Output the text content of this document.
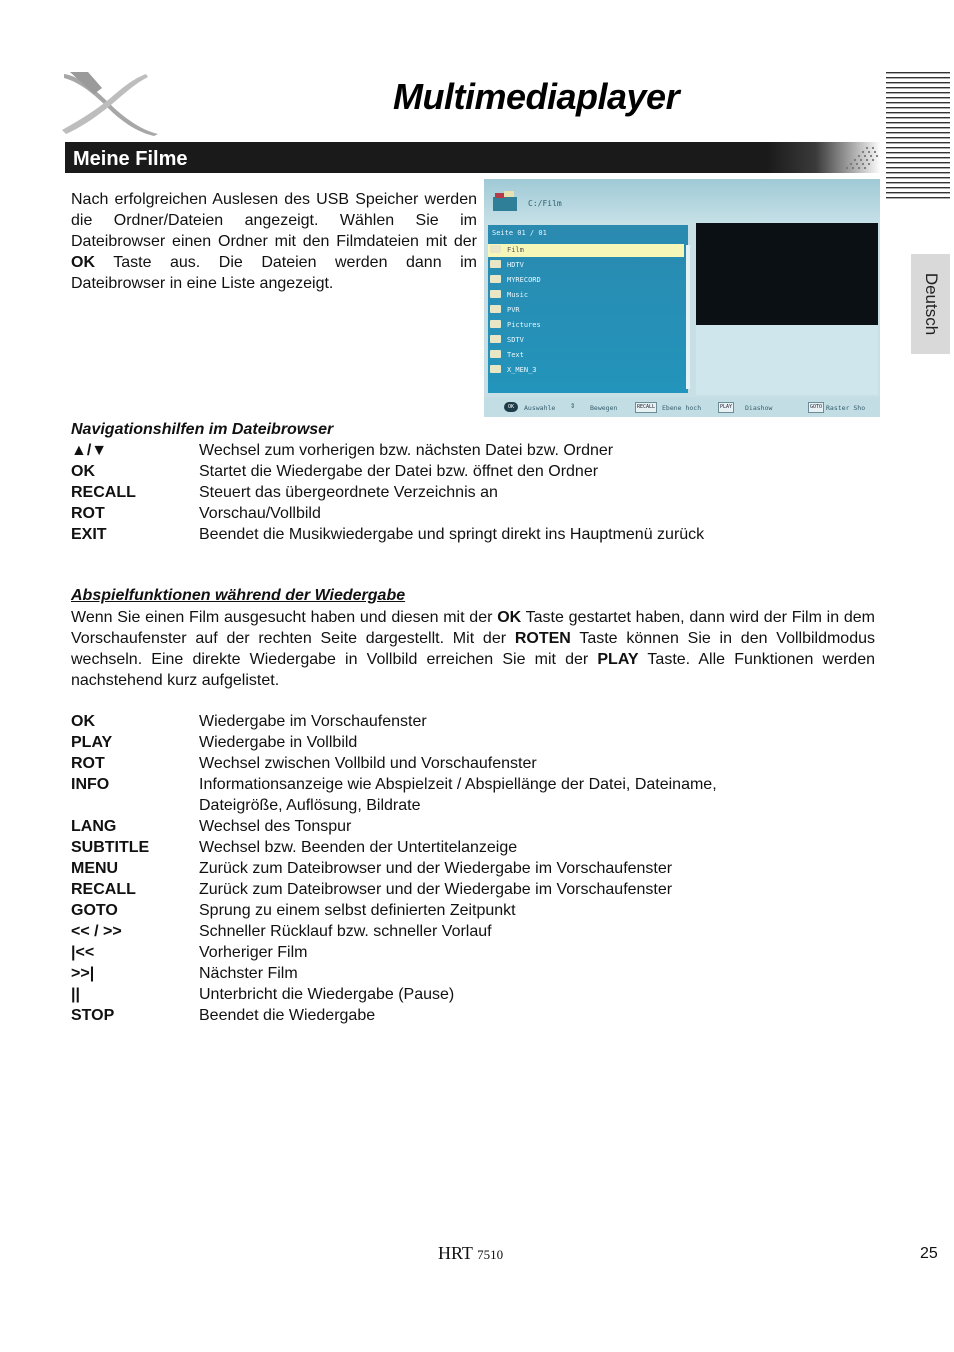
Multimediaplayer
Deutsch
Meine Filme
Nach erfolgreichen Auslesen des USB Speicher werden die Ordner/Dateien angezeigt. Wählen Sie im Dateibrowser einen Ordner mit den Filmdateien mit der OK Taste aus. Die Dateien werden dann im Dateibrowser in eine Liste angezeigt.
C:/Film
Seite 01 / 01
Film
HDTV
MYRECORD
Music
PVR
Pictures
SDTV
Text
X_MEN_3
OK	Auswahle ⇕ Bewegen	RECALL	Ebene hoch	PLAY	Diashow	GOTO Raster Sho
Navigationshilfen im Dateibrowser
▲/▼	Wechsel zum vorherigen bzw. nächsten Datei bzw. Ordner
OK	Startet die Wiedergabe der Datei bzw. öffnet den Ordner
RECALL	Steuert das übergeordnete Verzeichnis an
ROT	Vorschau/Vollbild
EXIT	Beendet die Musikwiedergabe und springt direkt ins Hauptmenü zurück
Abspielfunktionen während der Wiedergabe
Wenn Sie einen Film ausgesucht haben und diesen mit der OK Taste gestartet haben, dann wird der Film in dem Vorschaufenster auf der rechten Seite dargestellt. Mit der ROTEN Taste können Sie in den Vollbildmodus wechseln. Eine direkte Wiedergabe in Vollbild erreichen Sie mit der PLAY Taste. Alle Funktionen werden nachstehend kurz aufgelistet.
OK	Wiedergabe im Vorschaufenster
PLAY	Wiedergabe in Vollbild
ROT	Wechsel zwischen Vollbild und Vorschaufenster
INFO	Informationsanzeige wie Abspielzeit / Abspiellänge der Datei, Dateiname,
Dateigröße, Auflösung, Bildrate
LANG	Wechsel des Tonspur
SUBTITLE	Wechsel bzw. Beenden der Untertitelanzeige
MENU	Zurück zum Dateibrowser und der Wiedergabe im Vorschaufenster
RECALL	Zurück zum Dateibrowser und der Wiedergabe im Vorschaufenster
GOTO	Sprung zu einem selbst definierten Zeitpunkt
<< / >>	Schneller Rücklauf bzw. schneller Vorlauf
|<<	Vorheriger Film
>>|	Nächster Film
||	Unterbricht die Wiedergabe (Pause)
STOP	Beendet die Wiedergabe
HRT 7510	25
